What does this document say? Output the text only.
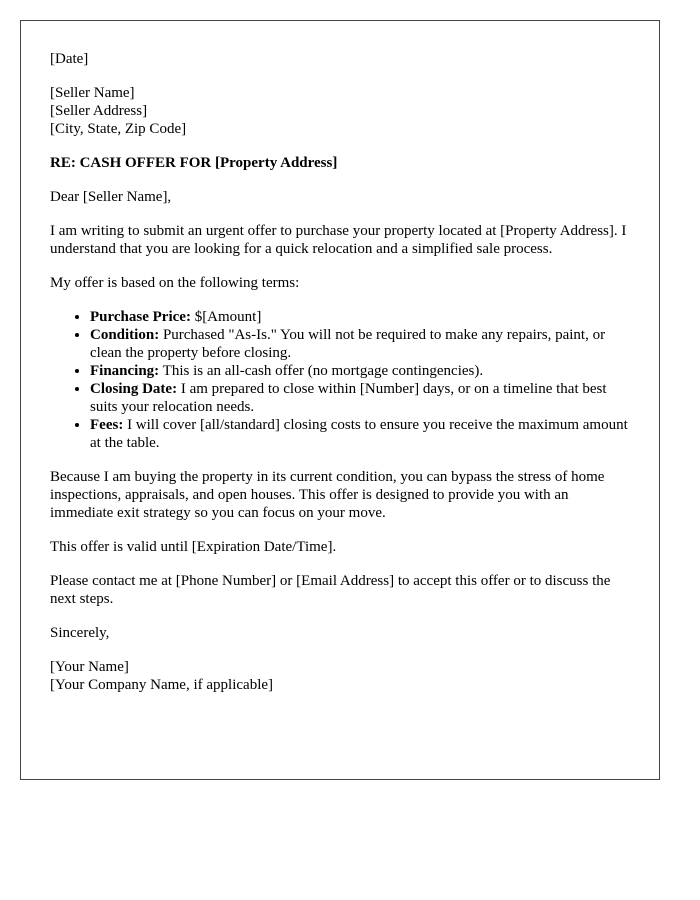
[Date]
[Seller Name]
[Seller Address]
[City, State, Zip Code]
RE: CASH OFFER FOR [Property Address]
Dear [Seller Name],
I am writing to submit an urgent offer to purchase your property located at [Property Address]. I understand that you are looking for a quick relocation and a simplified sale process.
My offer is based on the following terms:
• Purchase Price: $[Amount]
• Condition: Purchased "As-Is." You will not be required to make any repairs, paint, or clean the property before closing.
• Financing: This is an all-cash offer (no mortgage contingencies).
• Closing Date: I am prepared to close within [Number] days, or on a timeline that best suits your relocation needs.
• Fees: I will cover [all/standard] closing costs to ensure you receive the maximum amount at the table.
Because I am buying the property in its current condition, you can bypass the stress of home inspections, appraisals, and open houses. This offer is designed to provide you with an immediate exit strategy so you can focus on your move.
This offer is valid until [Expiration Date/Time].
Please contact me at [Phone Number] or [Email Address] to accept this offer or to discuss the next steps.
Sincerely,
[Your Name]
[Your Company Name, if applicable]
